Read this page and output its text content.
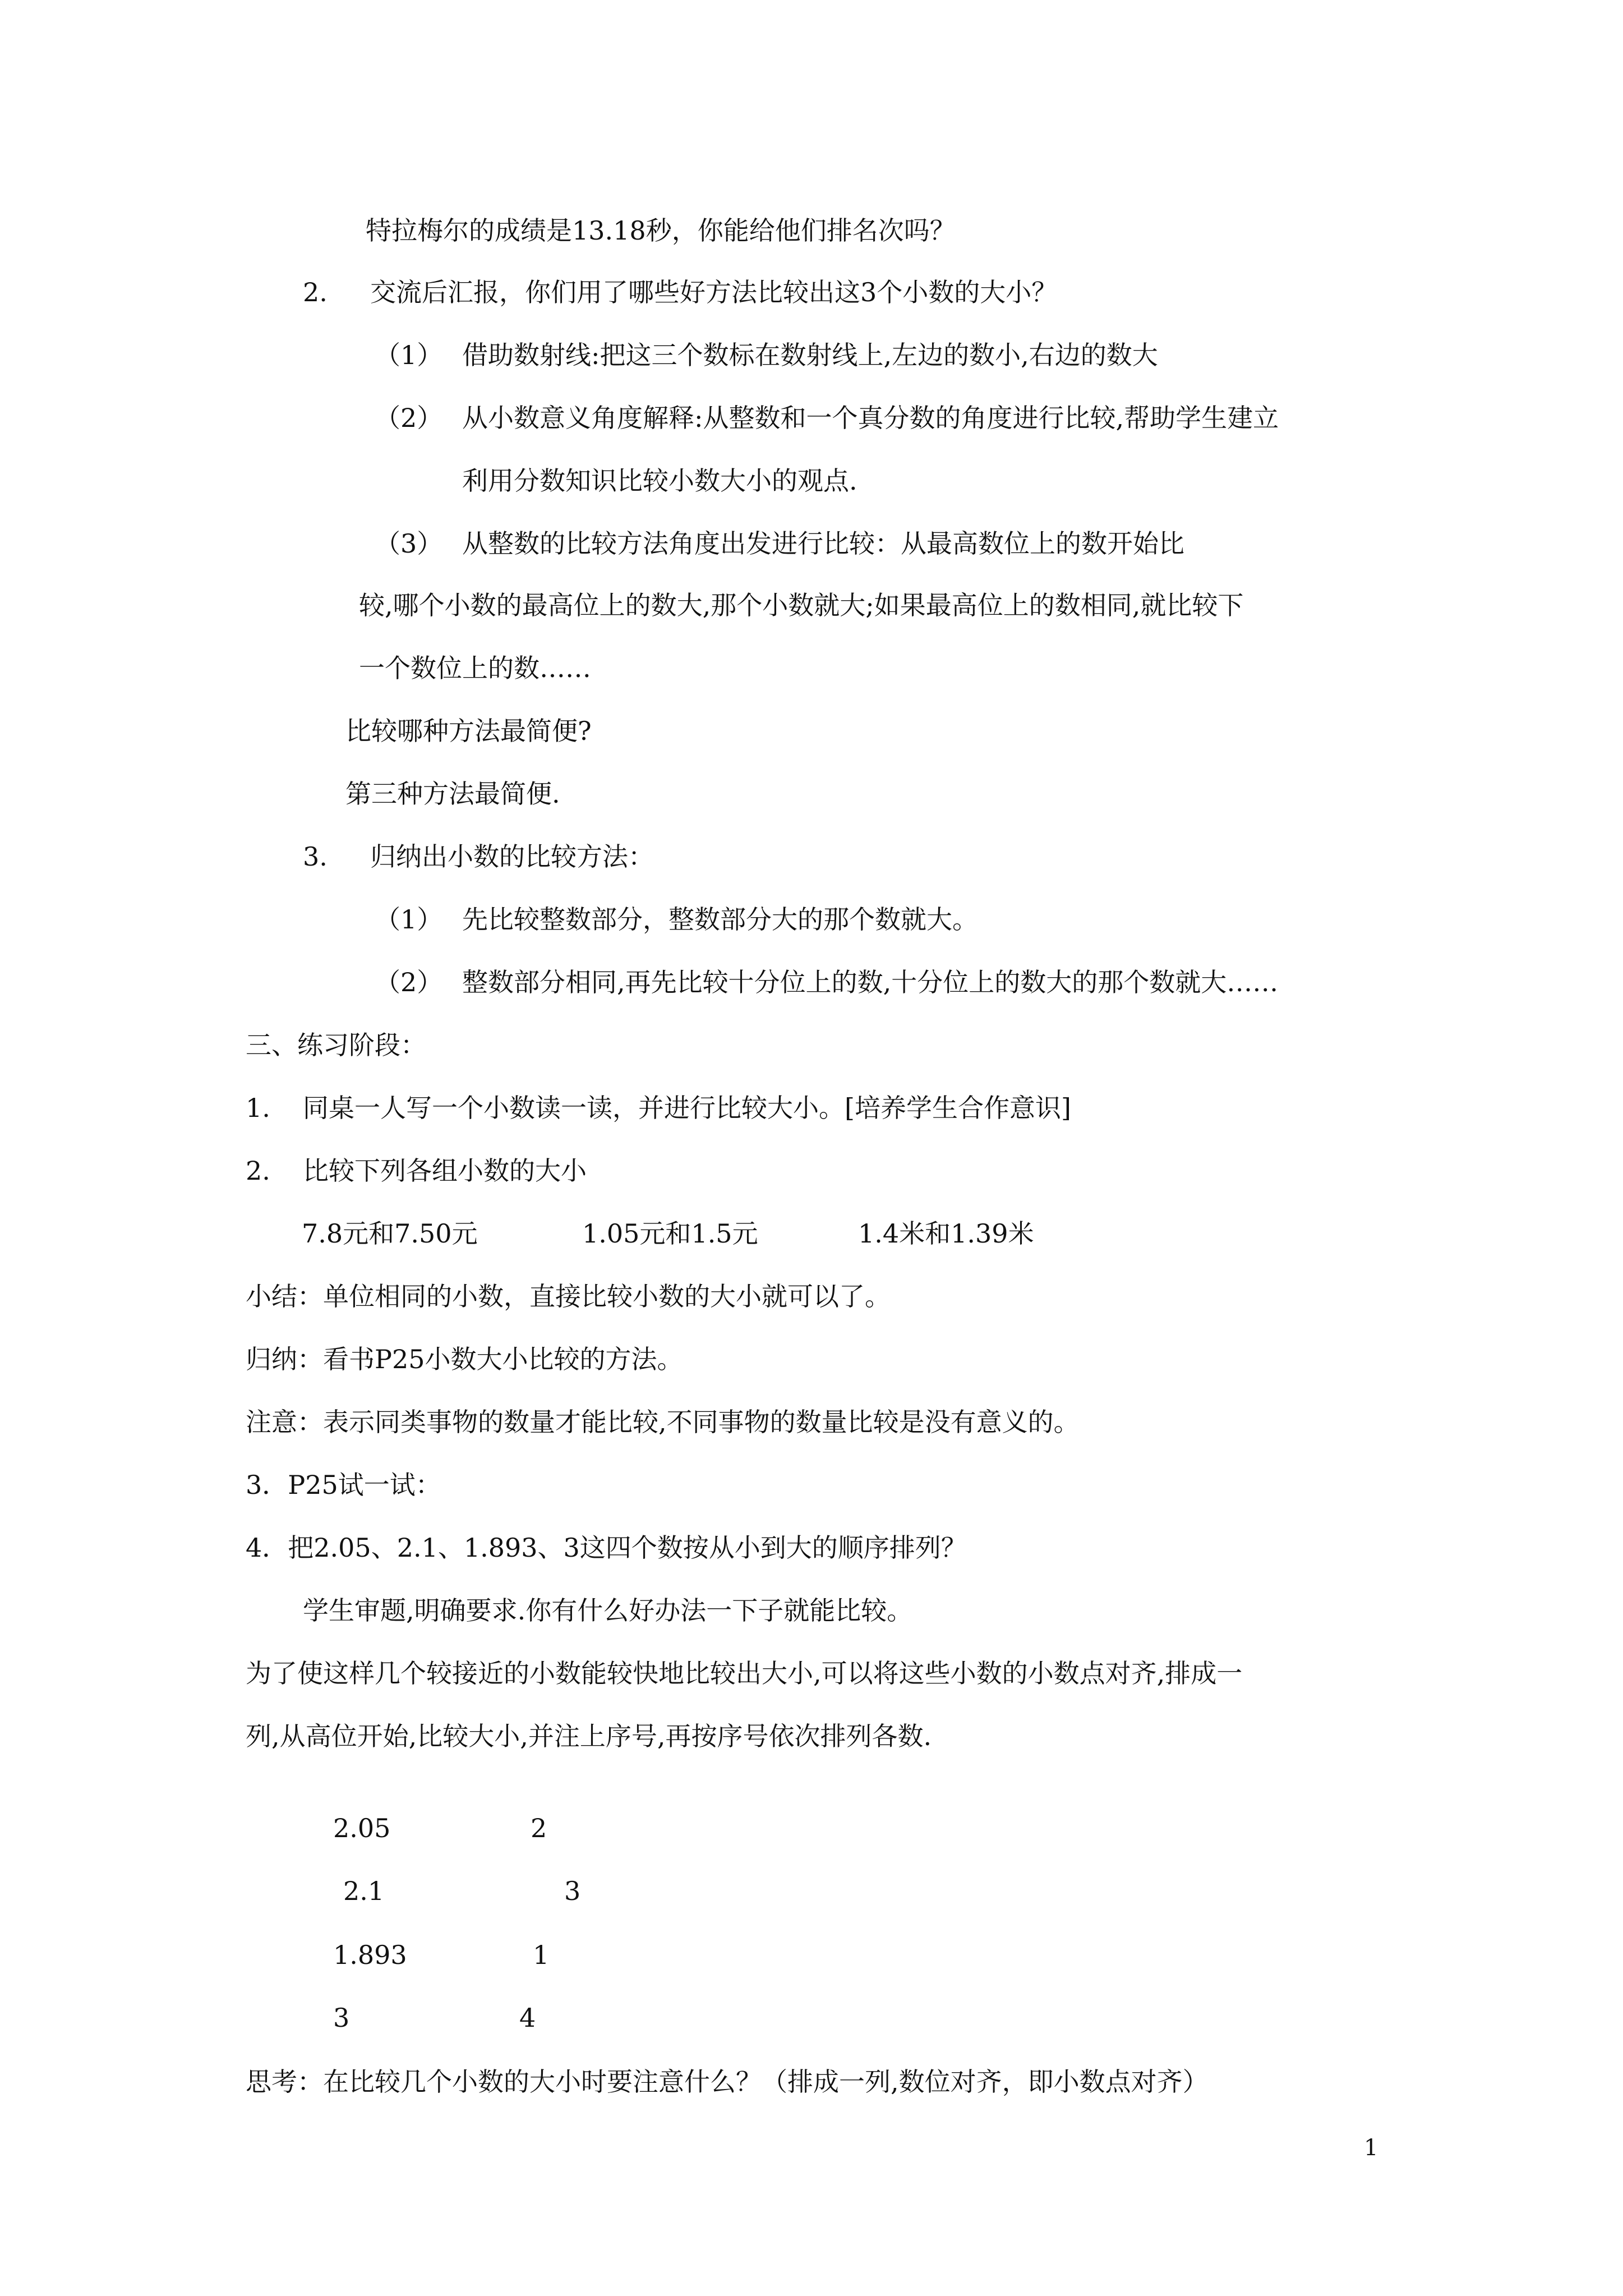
特拉梅尔的成绩是13.18秒，你能给他们排名次吗？
2. 交流后汇报，你们用了哪些好方法比较出这3个小数的大小？
（1） 借助数射线:把这三个数标在数射线上,左边的数小,右边的数大
（2） 从小数意义角度解释:从整数和一个真分数的角度进行比较,帮助学生建立
利用分数知识比较小数大小的观点.
（3） 从整数的比较方法角度出发进行比较：从最高数位上的数开始比
较,哪个小数的最高位上的数大,那个小数就大;如果最高位上的数相同,就比较下
一个数位上的数……
比较哪种方法最简便?
第三种方法最简便.
3. 归纳出小数的比较方法：
（1） 先比较整数部分，整数部分大的那个数就大。
（2） 整数部分相同,再先比较十分位上的数,十分位上的数大的那个数就大……
三、练习阶段：
1. 同桌一人写一个小数读一读，并进行比较大小。[培养学生合作意识]
2. 比较下列各组小数的大小
7.8元和7.50元	1.05元和1.5元	1.4米和1.39米
小结：单位相同的小数，直接比较小数的大小就可以了。
归纳：看书P25小数大小比较的方法。
注意：表示同类事物的数量才能比较,不同事物的数量比较是没有意义的。
3．P25试一试：
4．把2.05、2.1、1.893、3这四个数按从小到大的顺序排列？
学生审题,明确要求.你有什么好办法一下子就能比较。
为了使这样几个较接近的小数能较快地比较出大小,可以将这些小数的小数点对齐,排成一
列,从高位开始,比较大小,并注上序号,再按序号依次排列各数.
2.05	2
2.1	3
1.893	1
3	4
思考：在比较几个小数的大小时要注意什么？（排成一列,数位对齐，即小数点对齐）
1
